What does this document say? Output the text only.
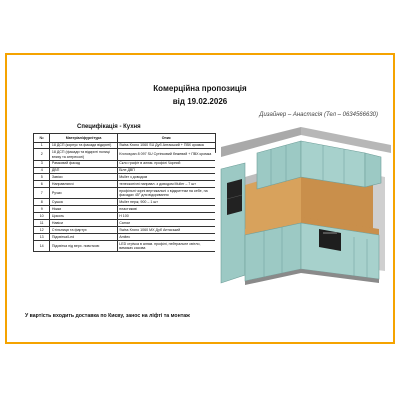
Комерційна пропозиція
від 19.02.2026
Дизайнер – Анастасія (Тел – 0634566630)
Специфікація - Кухня
№	Матеріал/фурнітура	Опис
1	18 ДСП (корпус та фасади відкриті)	Swiss Krono 1060 SU Дуб Аптаський + ПВХ кромка
2	18 ДСП (фасади та відкриті полиці внизу та антресолі)	Kronospan 8 097 SU Сутінковий бежевий + ПВХ кромка
3	Рамковий фасад	Скло графіт в алюм. профілі Чорний
4	ДВП	Біле ДВП
5	Завіси	Muller з доводом
6	Направляючі	телескопічні направл. з доводом Muller – 7 шт
7	Ручки	профільні чорні вертикальні з відкриттям на себе, на фасадах 45° для відкривання
8	Сушка	Muller нерж, 900 – 1 шт
9	Ніжки	пластикові
10	Цоколь	H 100
11	Навіси	Camar
12	Стільниця та фартух	Swiss Krono 1060 MX Дуб Аптаський
13	Підсвітка/Led	Amitec
14	Підсвітка під верх. повоткою	LED стрічка в алюм. профілі, нейтральне світло, вимикач касова
У вартість входить доставка по Києву, занос на ліфті та монтаж
